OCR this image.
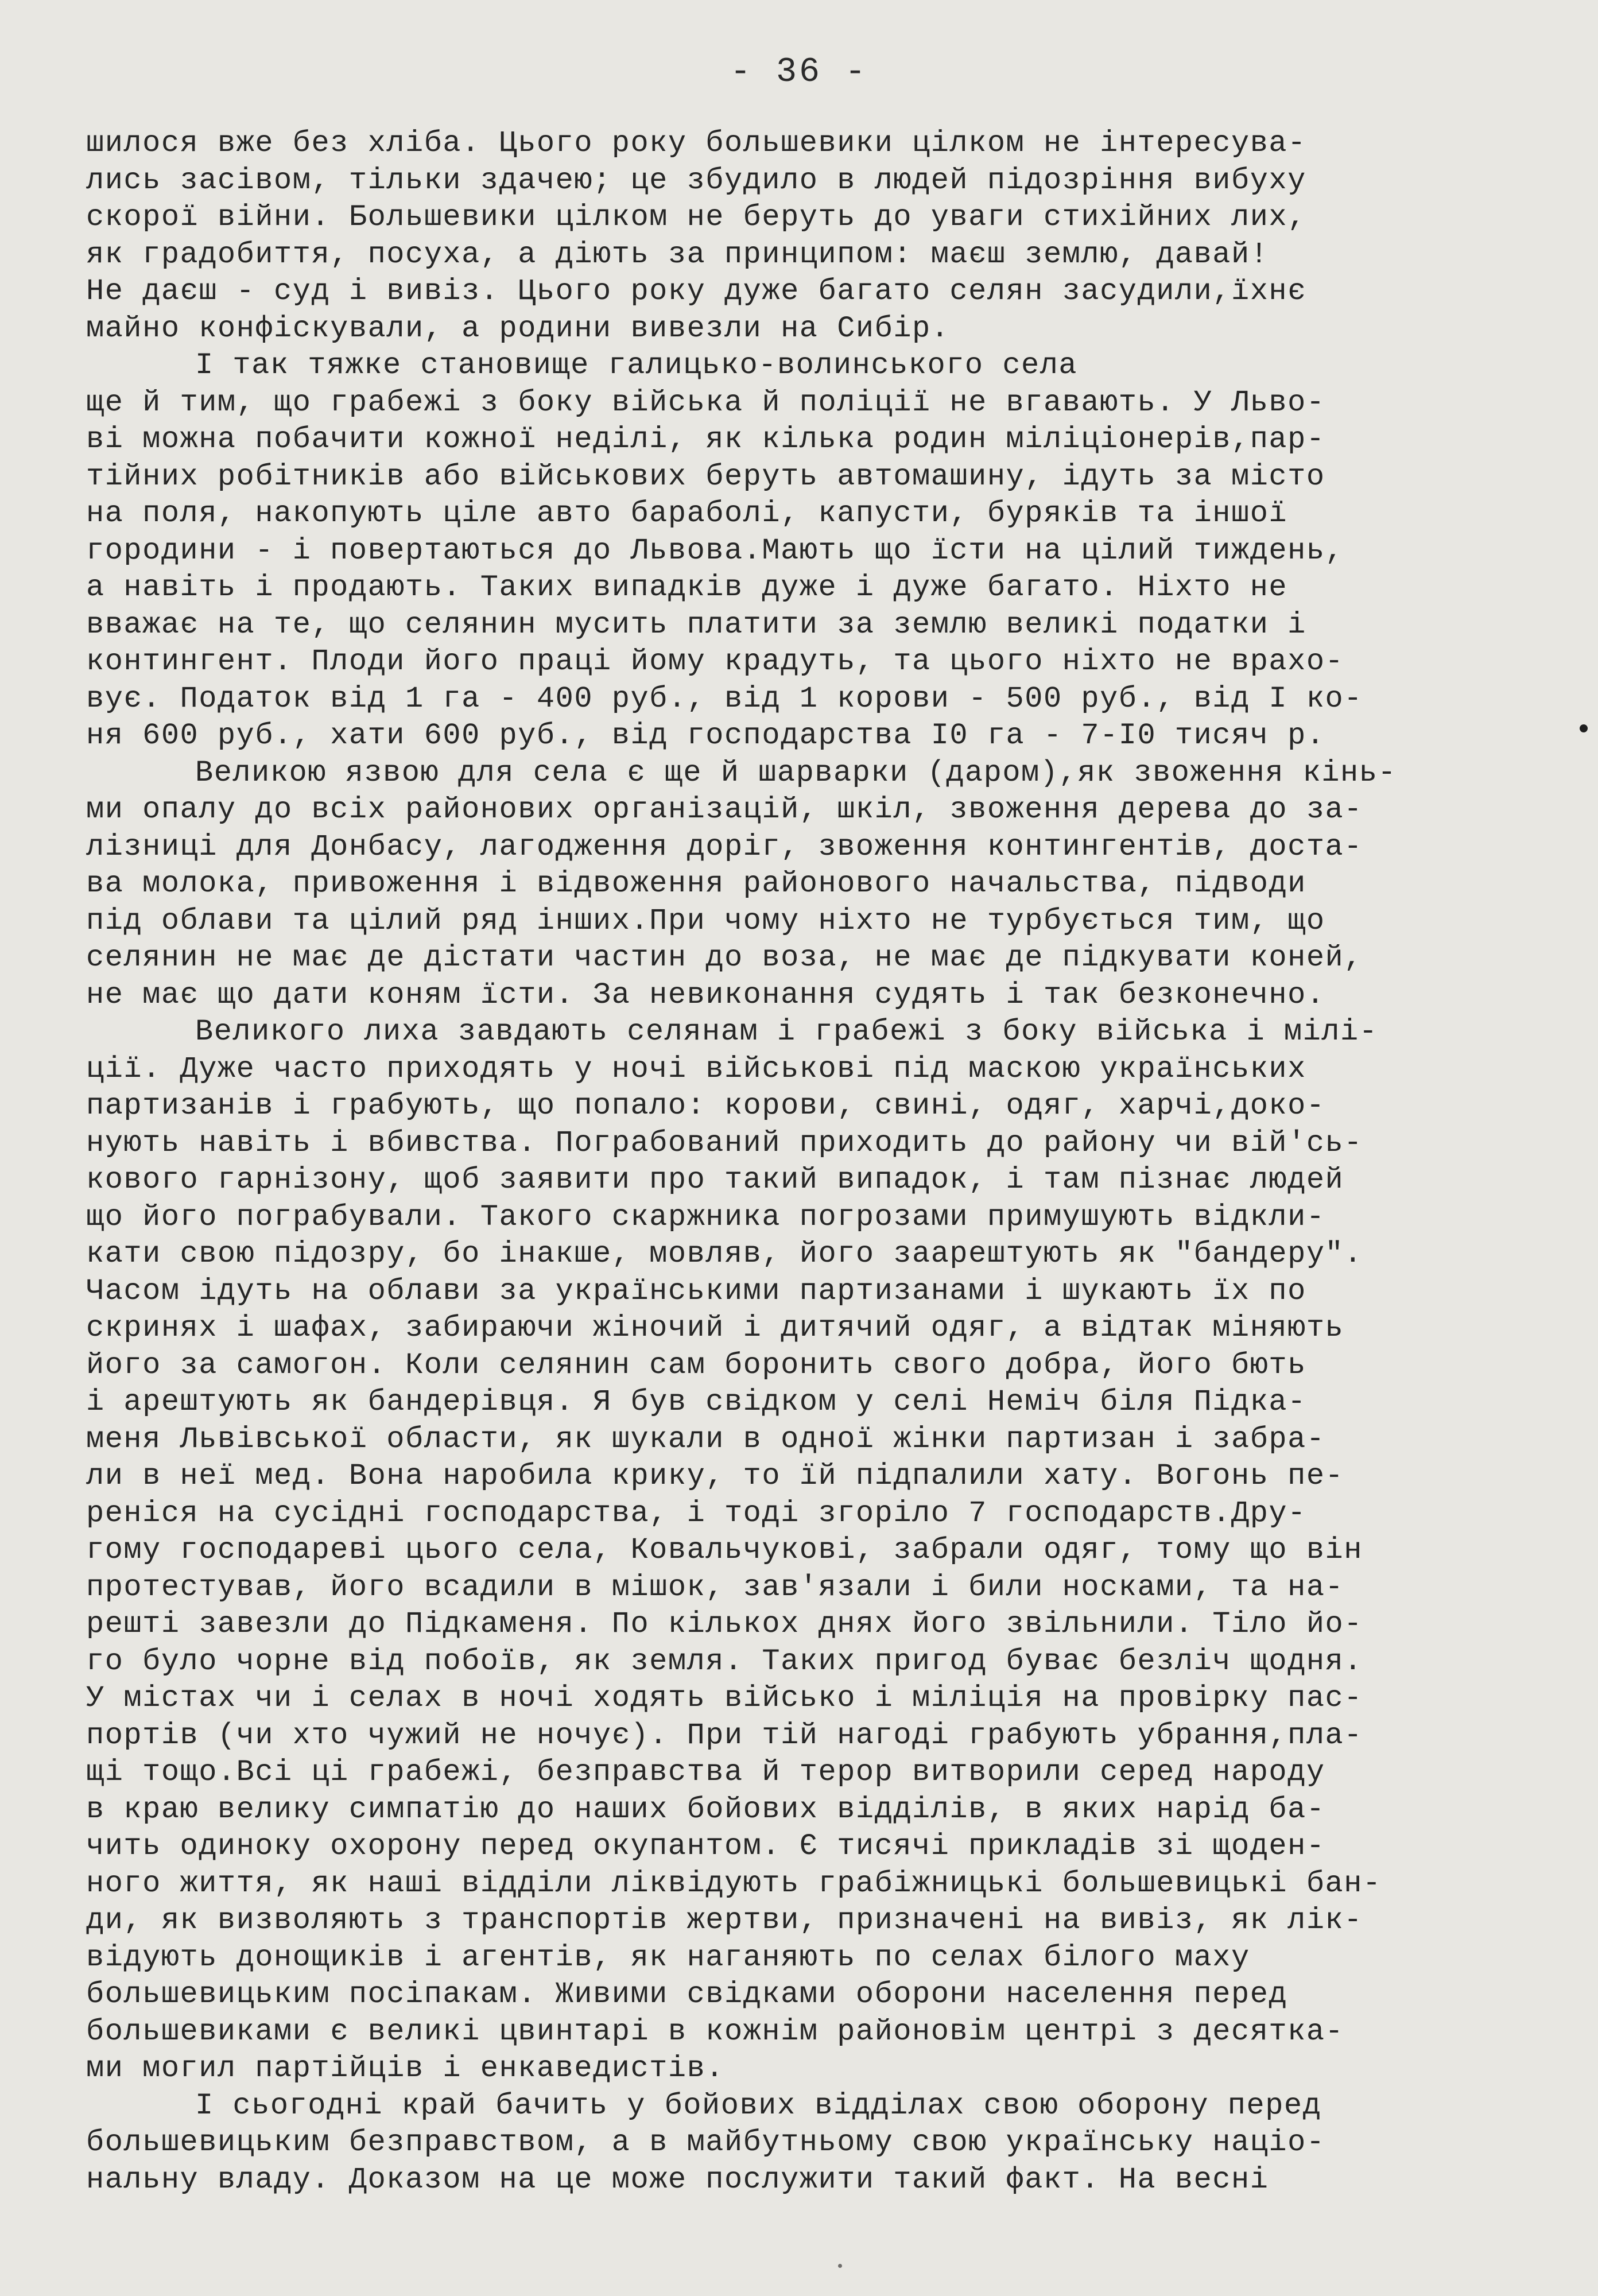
- 36 -
шилося вже без хліба. Цього року большевики цілком не інтересува-
лись засівом, тільки здачею; це збудило в людей підозріння вибуху
скорої війни. Большевики цілком не беруть до уваги стихійних лих,
як градобиття, посуха, а діють за принципом: маєш землю, давай!
Не даєш - суд і вивіз. Цього року дуже багато селян засудили,їхнє
майно конфіскували, а родини вивезли на Сибір.
І так тяжке становище галицько-волинського села
ще й тим, що грабежі з боку війська й поліції не вгавають. У Льво-
ві можна побачити кожної неділі, як кілька родин міліціонерів,пар-
тійних робітників або військових беруть автомашину, ідуть за місто
на поля, накопують ціле авто бараболі, капусти, буряків та іншої
городини - і повертаються до Львова.Мають що їсти на цілий тиждень,
а навіть і продають. Таких випадків дуже і дуже багато. Ніхто не
вважає на те, що селянин мусить платити за землю великі податки і
контингент. Плоди його праці йому крадуть, та цього ніхто не врахо-
вує. Податок від 1 га - 400 руб., від 1 корови - 500 руб., від І ко-
ня 600 руб., хати 600 руб., від господарства І0 га - 7-І0 тисяч р.
Великою язвою для села є ще й шарварки (даром),як звоження кінь-
ми опалу до всіх районових організацій, шкіл, звоження дерева до за-
лізниці для Донбасу, лагодження доріг, звоження контингентів, доста-
ва молока, привоження і відвоження районового начальства, підводи
під облави та цілий ряд інших.При чому ніхто не турбується тим, що
селянин не має де дістати частин до воза, не має де підкувати коней,
не має що дати коням їсти. За невиконання судять і так безконечно.
Великого лиха завдають селянам і грабежі з боку війська і мілі-
ції. Дуже часто приходять у ночі військові під маскою українських
партизанів і грабують, що попало: корови, свині, одяг, харчі,докo-
нують навіть і вбивства. Пограбований приходить до району чи вій'сь-
кового гарнізону, щоб заявити про такий випадок, і там пізнає людей
що його пограбували. Такого скаржника погрозами примушують відкли-
кати свою підозру, бо інакше, мовляв, його заарештують як "бандеру".
Часом ідуть на облави за українськими партизанами і шукають їх по
скринях і шафах, забираючи жіночий і дитячий одяг, а відтак міняють
його за самогон. Коли селянин сам боронить свого добра, його бють
і арештують як бандерівця. Я був свідком у селі Неміч біля Підка-
меня Львівської области, як шукали в одної жінки партизан і забра-
ли в неї мед. Вона наробила крику, то їй підпалили хату. Вогонь пе-
реніся на сусідні господарства, і тоді згоріло 7 господарств.Дру-
гому господареві цього села, Ковальчукові, забрали одяг, тому що він
протестував, його всадили в мішок, зав'язали і били носками, та на-
решті завезли до Підкаменя. По кількох днях його звільнили. Тіло йо-
го було чорне від побоїв, як земля. Таких пригод буває безліч щодня.
У містах чи і селах в ночі ходять військо і міліція на провірку пас-
портів (чи хто чужий не ночує). При тій нагоді грабують убрання,пла-
щі тощо.Всі ці грабежі, безправства й терор витворили серед народу
в краю велику симпатію до наших бойових відділів, в яких нарід ба-
чить одиноку охорону перед окупантом. Є тисячі прикладів зі щоден-
ного життя, як наші відділи ліквідують грабіжницькі большевицькі бан-
ди, як визволяють з транспортів жертви, призначені на вивіз, як лік-
відують донощиків і агентів, як наганяють по селах білого маху
большевицьким посіпакам. Живими свідками оборони населення перед
большевиками є великі цвинтарі в кожнім районовім центрі з десятка-
ми могил партійців і енкаведистів.
І сьогодні край бачить у бойових відділах свою оборону перед
большевицьким безправством, а в майбутньому свою українську націо-
нальну владу. Доказом на це може послужити такий факт. На весні
